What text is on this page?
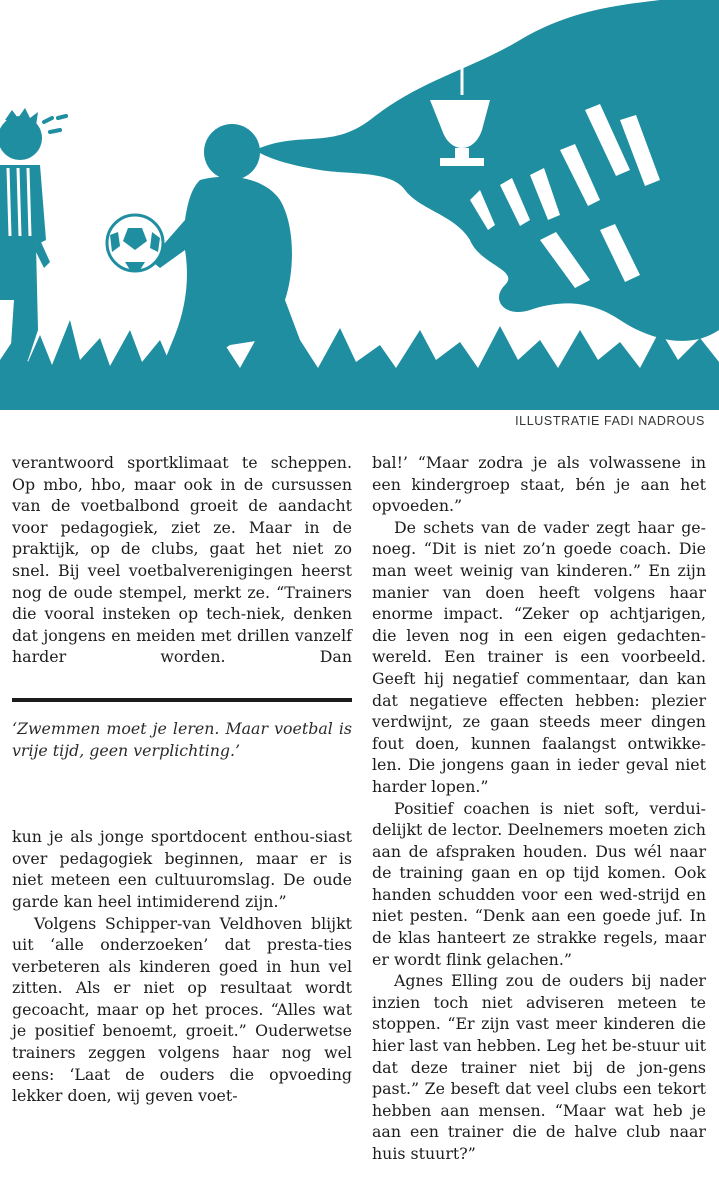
ILLUSTRATIE FADI NADROUS

verantwoord sportklimaat te scheppen. Op mbo, hbo, maar ook in de cursussen van de voetbalbond groeit de aandacht voor pedagogiek, ziet ze. Maar in de praktijk, op de clubs, gaat het niet zo snel. Bij veel voetbalverenigingen heerst nog de oude stempel, merkt ze. “Trainers die vooral insteken op tech-niek, denken dat jongens en meiden met drillen vanzelf harder worden. Dan

‘Zwemmen moet je leren. Maar voetbal is vrije tijd, geen verplichting.’

kun je als jonge sportdocent enthou-siast over pedagogiek beginnen, maar er is niet meteen een cultuuromslag. De oude garde kan heel intimiderend zijn.”

Volgens Schipper-van Veldhoven blijkt uit ‘alle onderzoeken’ dat presta-ties verbeteren als kinderen goed in hun vel zitten. Als er niet op resultaat wordt gecoacht, maar op het proces. “Alles wat je positief benoemt, groeit.” Ouderwetse trainers zeggen volgens haar nog wel eens: ‘Laat de ouders die opvoeding lekker doen, wij geven voet-

bal!’ “Maar zodra je als volwassene in een kindergroep staat, bén je aan het opvoeden.”

De schets van de vader zegt haar ge-noeg. “Dit is niet zo’n goede coach. Die man weet weinig van kinderen.” En zijn manier van doen heeft volgens haar enorme impact. “Zeker op achtjarigen, die leven nog in een eigen gedachten-wereld. Een trainer is een voorbeeld. Geeft hij negatief commentaar, dan kan dat negatieve effecten hebben: plezier verdwijnt, ze gaan steeds meer dingen fout doen, kunnen faalangst ontwikke-len. Die jongens gaan in ieder geval niet harder lopen.”

Positief coachen is niet soft, verdui-delijkt de lector. Deelnemers moeten zich aan de afspraken houden. Dus wél naar de training gaan en op tijd komen. Ook handen schudden voor een wed-strijd en niet pesten. “Denk aan een goede juf. In de klas hanteert ze strakke regels, maar er wordt flink gelachen.”

Agnes Elling zou de ouders bij nader inzien toch niet adviseren meteen te stoppen. “Er zijn vast meer kinderen die hier last van hebben. Leg het be-stuur uit dat deze trainer niet bij de jon-gens past.” Ze beseft dat veel clubs een tekort hebben aan mensen. “Maar wat heb je aan een trainer die de halve club naar huis stuurt?”
